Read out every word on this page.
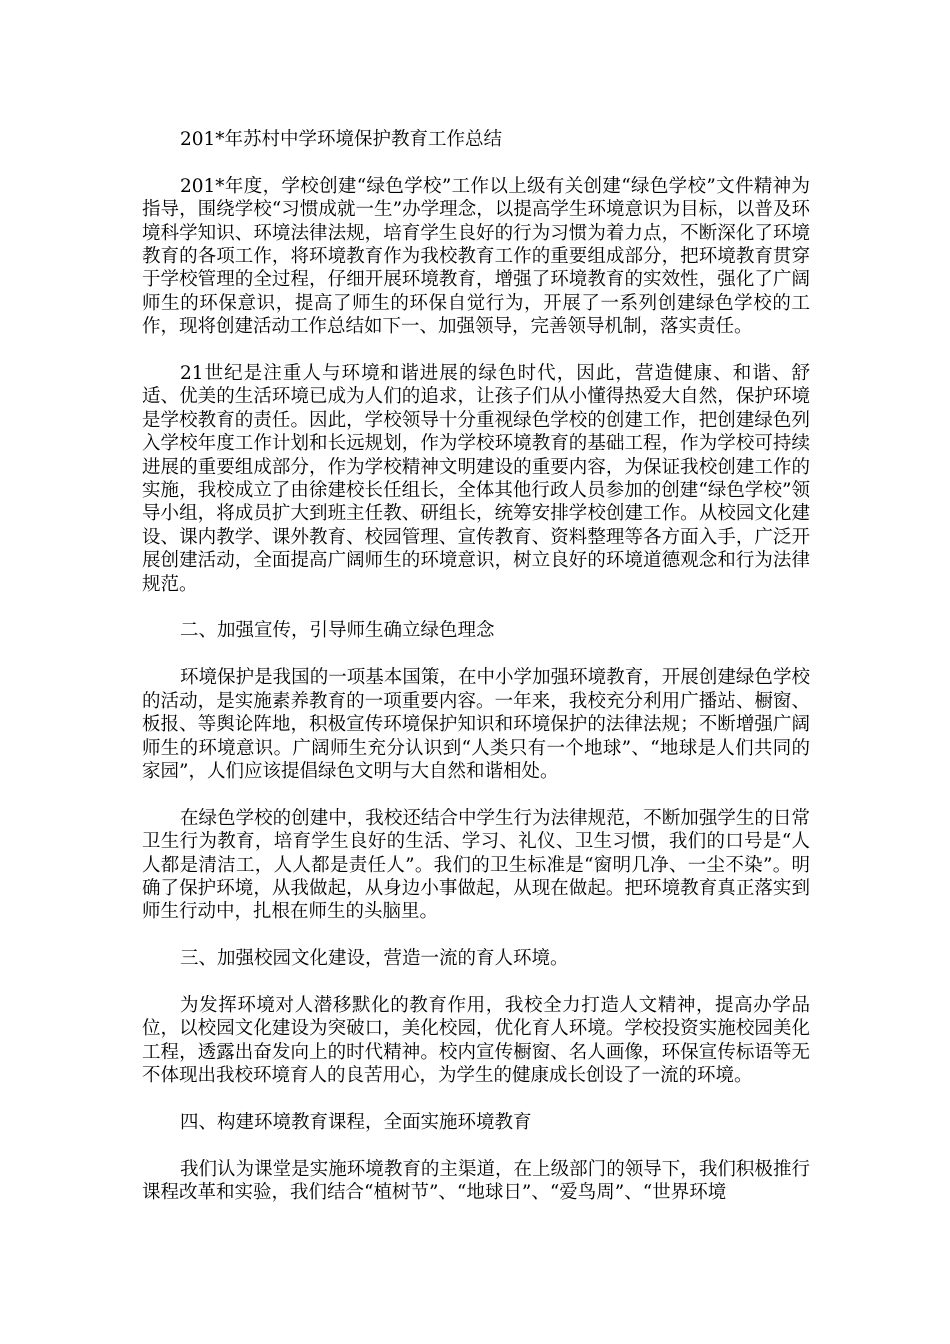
201*年苏村中学环境保护教育工作总结

201*年度，学校创建“绿色学校”工作以上级有关创建“绿色学校”文件精神为指导，围绕学校“习惯成就一生”办学理念，以提高学生环境意识为目标，以普及环境科学知识、环境法律法规，培育学生良好的行为习惯为着力点，不断深化了环境教育的各项工作，将环境教育作为我校教育工作的重要组成部分，把环境教育贯穿于学校管理的全过程，仔细开展环境教育，增强了环境教育的实效性，强化了广阔师生的环保意识，提高了师生的环保自觉行为，开展了一系列创建绿色学校的工作，现将创建活动工作总结如下一、加强领导，完善领导机制，落实责任。

21世纪是注重人与环境和谐进展的绿色时代，因此，营造健康、和谐、舒适、优美的生活环境已成为人们的追求，让孩子们从小懂得热爱大自然，保护环境是学校教育的责任。因此，学校领导十分重视绿色学校的创建工作，把创建绿色列入学校年度工作计划和长远规划，作为学校环境教育的基础工程，作为学校可持续进展的重要组成部分，作为学校精神文明建设的重要内容，为保证我校创建工作的实施，我校成立了由徐建校长任组长，全体其他行政人员参加的创建“绿色学校”领导小组，将成员扩大到班主任教、研组长，统筹安排学校创建工作。从校园文化建设、课内教学、课外教育、校园管理、宣传教育、资料整理等各方面入手，广泛开展创建活动，全面提高广阔师生的环境意识，树立良好的环境道德观念和行为法律规范。

二、加强宣传，引导师生确立绿色理念

环境保护是我国的一项基本国策，在中小学加强环境教育，开展创建绿色学校的活动，是实施素养教育的一项重要内容。一年来，我校充分利用广播站、橱窗、板报、等舆论阵地，积极宣传环境保护知识和环境保护的法律法规；不断增强广阔师生的环境意识。广阔师生充分认识到“人类只有一个地球”、“地球是人们共同的家园”，人们应该提倡绿色文明与大自然和谐相处。

在绿色学校的创建中，我校还结合中学生行为法律规范，不断加强学生的日常卫生行为教育，培育学生良好的生活、学习、礼仪、卫生习惯，我们的口号是“人人都是清洁工，人人都是责任人”。我们的卫生标准是“窗明几净、一尘不染”。明确了保护环境，从我做起，从身边小事做起，从现在做起。把环境教育真正落实到师生行动中，扎根在师生的头脑里。

三、加强校园文化建设，营造一流的育人环境。

为发挥环境对人潜移默化的教育作用，我校全力打造人文精神，提高办学品位，以校园文化建设为突破口，美化校园，优化育人环境。学校投资实施校园美化工程，透露出奋发向上的时代精神。校内宣传橱窗、名人画像，环保宣传标语等无不体现出我校环境育人的良苦用心，为学生的健康成长创设了一流的环境。

四、构建环境教育课程，全面实施环境教育

我们认为课堂是实施环境教育的主渠道，在上级部门的领导下，我们积极推行课程改革和实验，我们结合“植树节”、“地球日”、“爱鸟周”、“世界环境
